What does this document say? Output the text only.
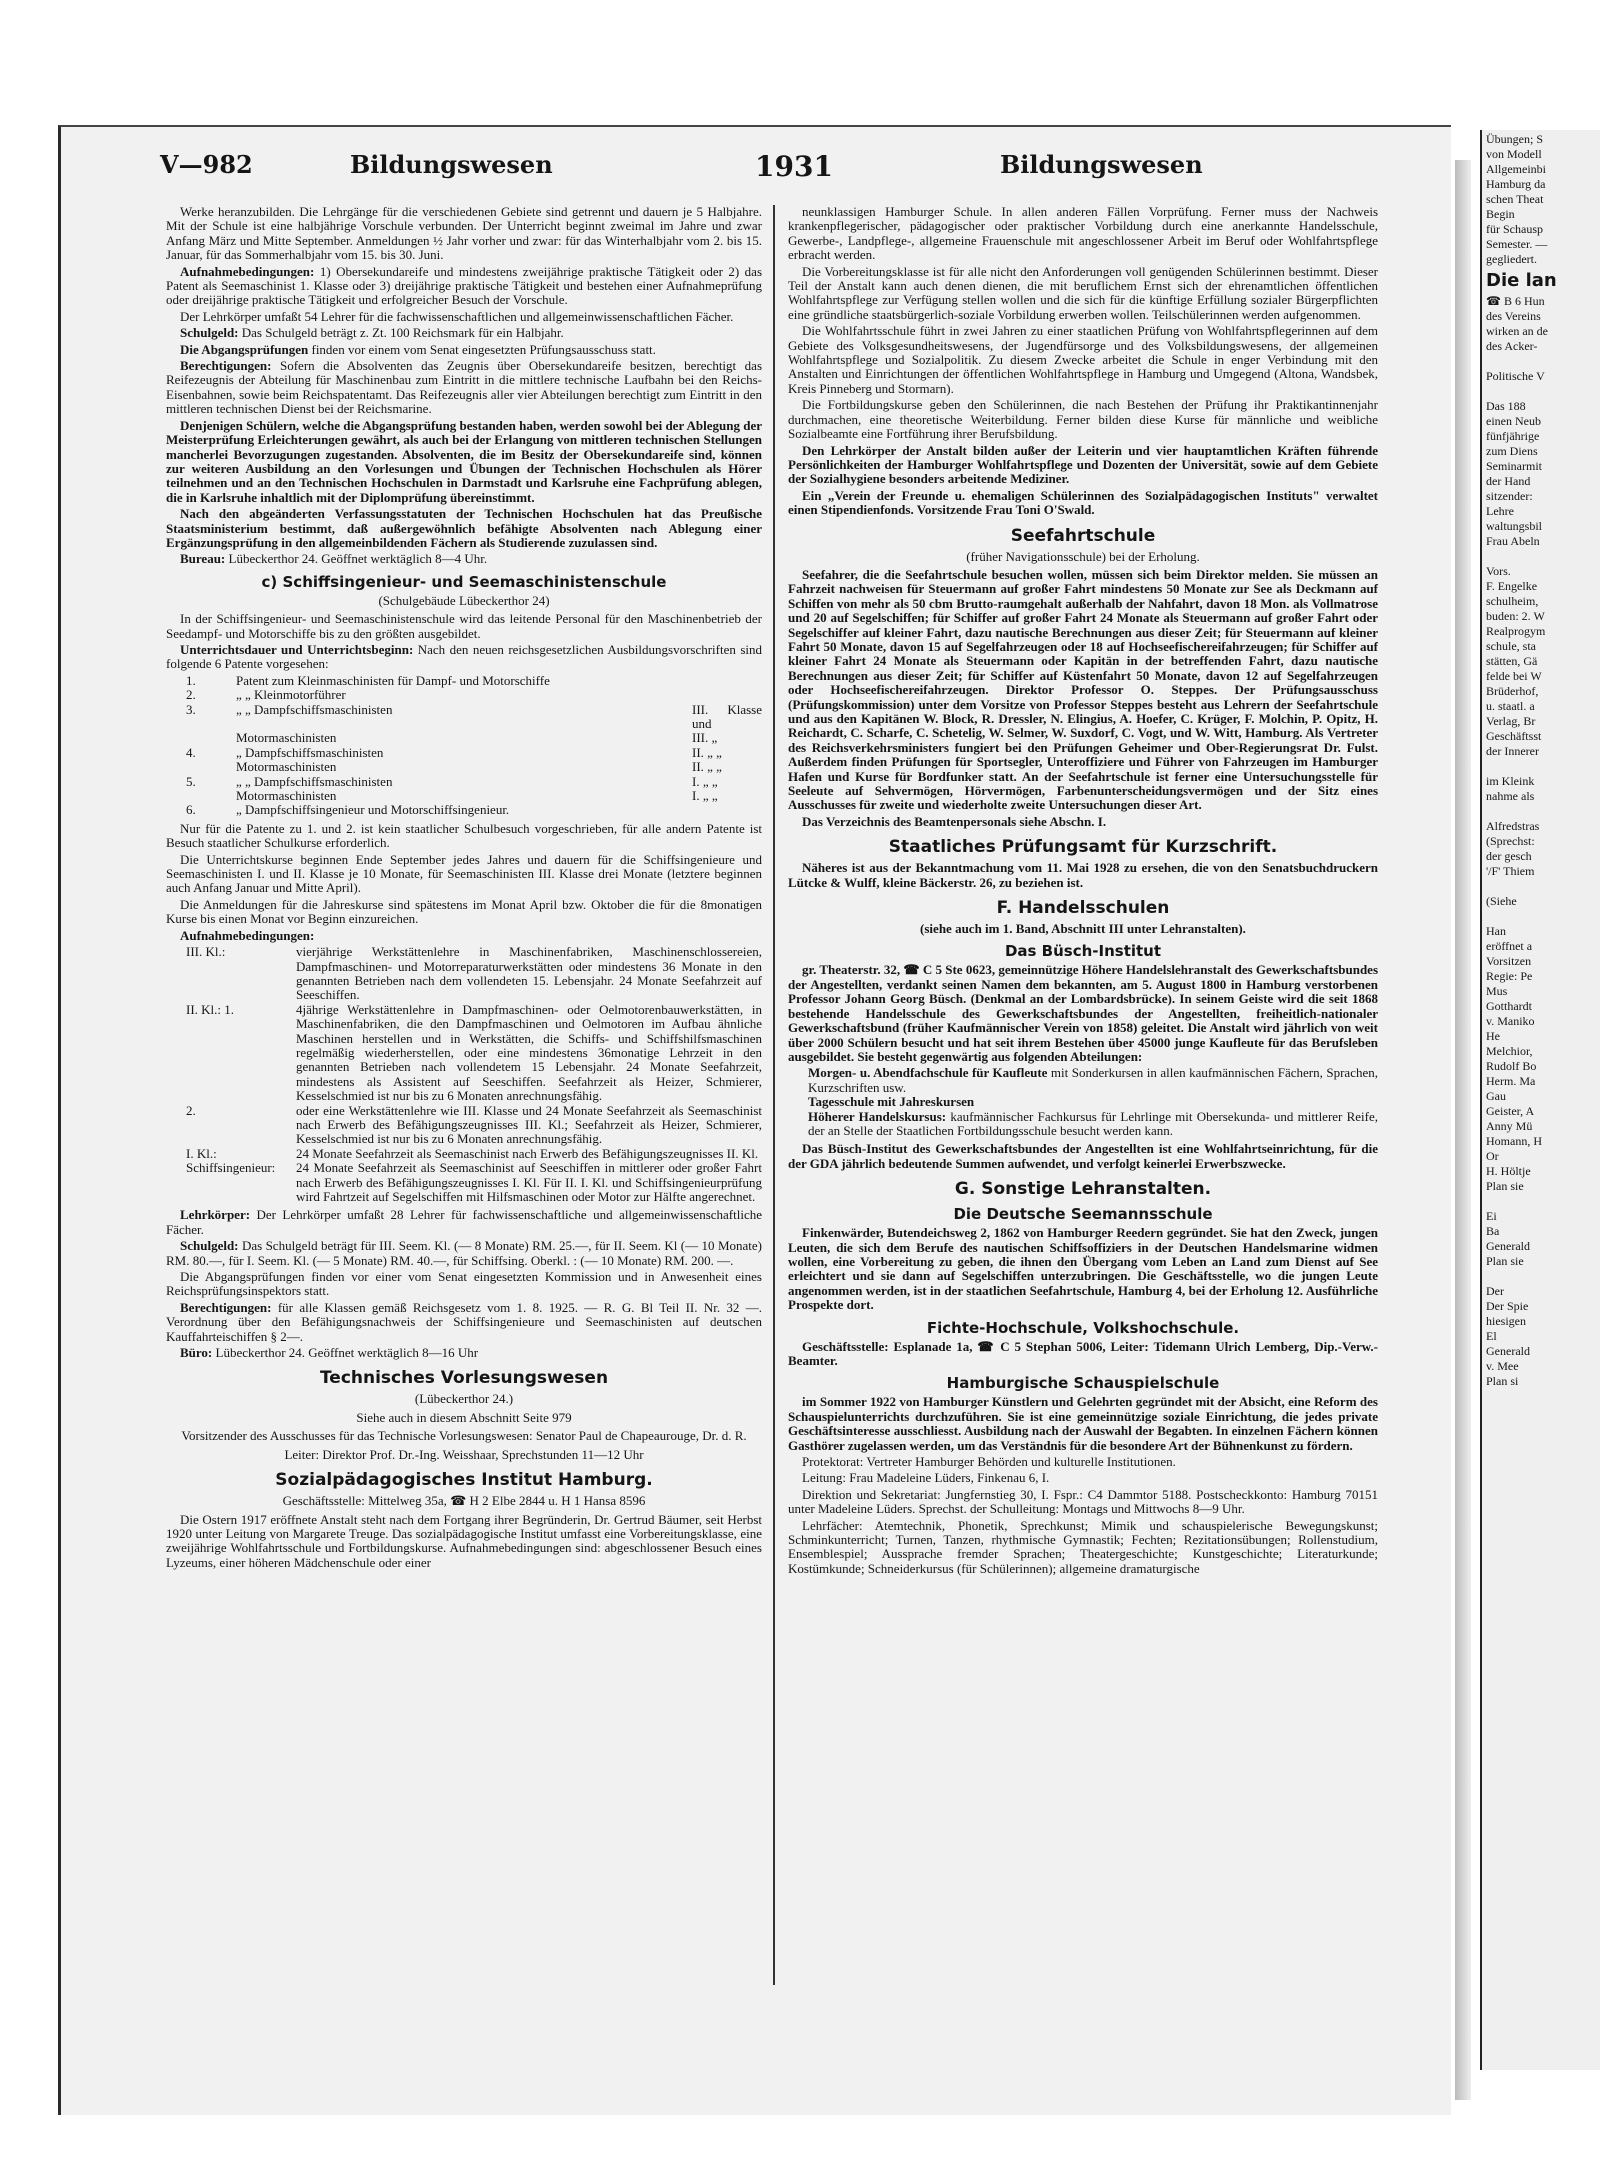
Übungen; S
von Modell
Allgemeinbi
Hamburg da
schen Theat
Begin
für Schausp
Semester. —
gegliedert.
Die lan
☎ B 6 Hun
des Vereins
wirken an de
des Acker-

Politische V

Das 188
einen Neub
fünfjährige
zum Diens
Seminarmit
der Hand
sitzender:
Lehre
waltungsbil
Frau Abeln

Vors.
F. Engelke
schulheim,
buden: 2. W
Realprogym
schule, sta
stätten, Gä
felde bei W
Brüderhof,
u. staatl. a
Verlag, Br
Geschäftsst
der Innerer

im Kleink
nahme als

Alfredstras
(Sprechst:
der gesch
'/F' Thiem

(Siehe

Han
eröffnet a
Vorsitzen
Regie: Pe
Mus
Gotthardt
v. Maniko
He
Melchior,
Rudolf Bo
Herm. Ma
Gau
Geister, A
Anny Mü
Homann, H
Or
H. Höltje
Plan sie

Ei
Ba
Generald
Plan sie

Der
Der Spie
hiesigen
El
Generald
v. Mee
Plan si
V—982	Bildungswesen	1931	Bildungswesen

Werke heranzubilden. Die Lehrgänge für die verschiedenen Gebiete sind getrennt und dauern je 5 Halbjahre. Mit der Schule ist eine halbjährige Vorschule verbunden. Der Unterricht beginnt zweimal im Jahre und zwar Anfang März und Mitte September. Anmeldungen ½ Jahr vorher und zwar: für das Winterhalbjahr vom 2. bis 15. Januar, für das Sommerhalbjahr vom 15. bis 30. Juni.

Aufnahmebedingungen: 1) Obersekundareife und mindestens zweijährige praktische Tätigkeit oder 2) das Patent als Seemaschinist 1. Klasse oder 3) dreijährige praktische Tätigkeit und bestehen einer Aufnahmeprüfung oder dreijährige praktische Tätigkeit und erfolgreicher Besuch der Vorschule.

Der Lehrkörper umfaßt 54 Lehrer für die fachwissenschaftlichen und allgemeinwissenschaftlichen Fächer.

Schulgeld: Das Schulgeld beträgt z. Zt. 100 Reichsmark für ein Halbjahr.

Die Abgangsprüfungen finden vor einem vom Senat eingesetzten Prüfungsausschuss statt.

Berechtigungen: Sofern die Absolventen das Zeugnis über Obersekundareife besitzen, berechtigt das Reifezeugnis der Abteilung für Maschinenbau zum Eintritt in die mittlere technische Laufbahn bei den Reichs-Eisenbahnen, sowie beim Reichspatentamt. Das Reifezeugnis aller vier Abteilungen berechtigt zum Eintritt in den mittleren technischen Dienst bei der Reichsmarine.

Denjenigen Schülern, welche die Abgangsprüfung bestanden haben, werden sowohl bei der Ablegung der Meisterprüfung Erleichterungen gewährt, als auch bei der Erlangung von mittleren technischen Stellungen mancherlei Bevorzugungen zugestanden. Absolventen, die im Besitz der Obersekundareife sind, können zur weiteren Ausbildung an den Vorlesungen und Übungen der Technischen Hochschulen als Hörer teilnehmen und an den Technischen Hochschulen in Darmstadt und Karlsruhe eine Fachprüfung ablegen, die in Karlsruhe inhaltlich mit der Diplomprüfung übereinstimmt.

Nach den abgeänderten Verfassungsstatuten der Technischen Hochschulen hat das Preußische Staatsministerium bestimmt, daß außergewöhnlich befähigte Absolventen nach Ablegung einer Ergänzungsprüfung in den allgemeinbildenden Fächern als Studierende zuzulassen sind.

Bureau: Lübeckerthor 24. Geöffnet werktäglich 8—4 Uhr.

c) Schiffsingenieur- und Seemaschinistenschule

(Schulgebäude Lübeckerthor 24)

In der Schiffsingenieur- und Seemaschinistenschule wird das leitende Personal für den Maschinenbetrieb der Seedampf- und Motorschiffe bis zu den größten ausgebildet.

Unterrichtsdauer und Unterrichtsbeginn: Nach den neuen reichsgesetzlichen Ausbildungsvorschriften sind folgende 6 Patente vorgesehen:

1.	Patent zum Kleinmaschinisten für Dampf- und Motorschiffe
2.	„ „ Kleinmotorführer
3.	„ „ Dampfschiffsmaschinisten	III. Klasse und
Motormaschinisten	III. „
4.	„ Dampfschiffsmaschinisten	II. „ „
Motormaschinisten	II. „ „
5.	„ „ Dampfschiffsmaschinisten	I. „ „
Motormaschinisten	I. „ „
6.	„ Dampfschiffsingenieur und Motorschiffsingenieur.

Nur für die Patente zu 1. und 2. ist kein staatlicher Schulbesuch vorgeschrieben, für alle andern Patente ist Besuch staatlicher Schulkurse erforderlich.

Die Unterrichtskurse beginnen Ende September jedes Jahres und dauern für die Schiffsingenieure und Seemaschinisten I. und II. Klasse je 10 Monate, für Seemaschinisten III. Klasse drei Monate (letztere beginnen auch Anfang Januar und Mitte April).

Die Anmeldungen für die Jahreskurse sind spätestens im Monat April bzw. Oktober die für die 8monatigen Kurse bis einen Monat vor Beginn einzureichen.

Aufnahmebedingungen:

III. Kl.:	vierjährige Werkstättenlehre in Maschinenfabriken, Maschinenschlossereien, Dampfmaschinen- und Motorreparaturwerkstätten oder mindestens 36 Monate in den genannten Betrieben nach dem vollendeten 15. Lebensjahr. 24 Monate Seefahrzeit auf Seeschiffen.
II. Kl.: 1.	4jährige Werkstättenlehre in Dampfmaschinen- oder Oelmotorenbauwerkstätten, in Maschinenfabriken, die den Dampfmaschinen und Oelmotoren im Aufbau ähnliche Maschinen herstellen und in Werkstätten, die Schiffs- und Schiffshilfsmaschinen regelmäßig wiederherstellen, oder eine mindestens 36monatige Lehrzeit in den genannten Betrieben nach vollendetem 15 Lebensjahr. 24 Monate Seefahrzeit, mindestens als Assistent auf Seeschiffen. Seefahrzeit als Heizer, Schmierer, Kesselschmied ist nur bis zu 6 Monaten anrechnungsfähig.
2.	oder eine Werkstättenlehre wie III. Klasse und 24 Monate Seefahrzeit als Seemaschinist nach Erwerb des Befähigungszeugnisses III. Kl.; Seefahrzeit als Heizer, Schmierer, Kesselschmied ist nur bis zu 6 Monaten anrechnungsfähig.
I. Kl.:	24 Monate Seefahrzeit als Seemaschinist nach Erwerb des Befähigungszeugnisses II. Kl.
Schiffsingenieur:	24 Monate Seefahrzeit als Seemaschinist auf Seeschiffen in mittlerer oder großer Fahrt nach Erwerb des Befähigungszeugnisses I. Kl. Für II. I. Kl. und Schiffsingenieurprüfung wird Fahrtzeit auf Segelschiffen mit Hilfsmaschinen oder Motor zur Hälfte angerechnet.

Lehrkörper: Der Lehrkörper umfaßt 28 Lehrer für fachwissenschaftliche und allgemeinwissenschaftliche Fächer.

Schulgeld: Das Schulgeld beträgt für III. Seem. Kl. (— 8 Monate) RM. 25.—, für II. Seem. Kl (— 10 Monate) RM. 80.—, für I. Seem. Kl. (— 5 Monate) RM. 40.—, für Schiffsing. Oberkl. : (— 10 Monate) RM. 200. —.

Die Abgangsprüfungen finden vor einer vom Senat eingesetzten Kommission und in Anwesenheit eines Reichsprüfungsinspektors statt.

Berechtigungen: für alle Klassen gemäß Reichsgesetz vom 1. 8. 1925. — R. G. Bl Teil II. Nr. 32 —. Verordnung über den Befähigungsnachweis der Schiffsingenieure und Seemaschinisten auf deutschen Kauffahrteischiffen § 2—.

Büro: Lübeckerthor 24. Geöffnet werktäglich 8—16 Uhr

Technisches Vorlesungswesen

(Lübeckerthor 24.)

Siehe auch in diesem Abschnitt Seite 979

Vorsitzender des Ausschusses für das Technische Vorlesungswesen: Senator Paul de Chapeaurouge, Dr. d. R.

Leiter: Direktor Prof. Dr.-Ing. Weisshaar, Sprechstunden 11—12 Uhr

Sozialpädagogisches Institut Hamburg.

Geschäftsstelle: Mittelweg 35a, ☎ H 2 Elbe 2844 u. H 1 Hansa 8596

Die Ostern 1917 eröffnete Anstalt steht nach dem Fortgang ihrer Begründerin, Dr. Gertrud Bäumer, seit Herbst 1920 unter Leitung von Margarete Treuge. Das sozialpädagogische Institut umfasst eine Vorbereitungsklasse, eine zweijährige Wohlfahrtsschule und Fortbildungskurse. Aufnahmebedingungen sind: abgeschlossener Besuch eines Lyzeums, einer höheren Mädchenschule oder einer

neunklassigen Hamburger Schule. In allen anderen Fällen Vorprüfung. Ferner muss der Nachweis krankenpflegerischer, pädagogischer oder praktischer Vorbildung durch eine anerkannte Handelsschule, Gewerbe-, Landpflege-, allgemeine Frauenschule mit angeschlossener Arbeit im Beruf oder Wohlfahrtspflege erbracht werden.

Die Vorbereitungsklasse ist für alle nicht den Anforderungen voll genügenden Schülerinnen bestimmt. Dieser Teil der Anstalt kann auch denen dienen, die mit beruflichem Ernst sich der ehrenamtlichen öffentlichen Wohlfahrtspflege zur Verfügung stellen wollen und die sich für die künftige Erfüllung sozialer Bürgerpflichten eine gründliche staatsbürgerlich-soziale Vorbildung erwerben wollen. Teilschülerinnen werden aufgenommen.

Die Wohlfahrtsschule führt in zwei Jahren zu einer staatlichen Prüfung von Wohlfahrtspflegerinnen auf dem Gebiete des Volksgesundheitswesens, der Jugendfürsorge und des Volksbildungswesens, der allgemeinen Wohlfahrtspflege und Sozialpolitik. Zu diesem Zwecke arbeitet die Schule in enger Verbindung mit den Anstalten und Einrichtungen der öffentlichen Wohlfahrtspflege in Hamburg und Umgegend (Altona, Wandsbek, Kreis Pinneberg und Stormarn).

Die Fortbildungskurse geben den Schülerinnen, die nach Bestehen der Prüfung ihr Praktikantinnenjahr durchmachen, eine theoretische Weiterbildung. Ferner bilden diese Kurse für männliche und weibliche Sozialbeamte eine Fortführung ihrer Berufsbildung.

Den Lehrkörper der Anstalt bilden außer der Leiterin und vier hauptamtlichen Kräften führende Persönlichkeiten der Hamburger Wohlfahrtspflege und Dozenten der Universität, sowie auf dem Gebiete der Sozialhygiene besonders arbeitende Mediziner.

Ein „Verein der Freunde u. ehemaligen Schülerinnen des Sozialpädagogischen Instituts" verwaltet einen Stipendienfonds. Vorsitzende Frau Toni O'Swald.

Seefahrtschule

(früher Navigationsschule) bei der Erholung.

Seefahrer, die die Seefahrtschule besuchen wollen, müssen sich beim Direktor melden. Sie müssen an Fahrzeit nachweisen für Steuermann auf großer Fahrt mindestens 50 Monate zur See als Deckmann auf Schiffen von mehr als 50 cbm Brutto-raumgehalt außerhalb der Nahfahrt, davon 18 Mon. als Vollmatrose und 20 auf Segelschiffen; für Schiffer auf großer Fahrt 24 Monate als Steuermann auf großer Fahrt oder Segelschiffer auf kleiner Fahrt, dazu nautische Berechnungen aus dieser Zeit; für Steuermann auf kleiner Fahrt 50 Monate, davon 15 auf Segelfahrzeugen oder 18 auf Hochseefischereifahrzeugen; für Schiffer auf kleiner Fahrt 24 Monate als Steuermann oder Kapitän in der betreffenden Fahrt, dazu nautische Berechnungen aus dieser Zeit; für Schiffer auf Küstenfahrt 50 Monate, davon 12 auf Segelfahrzeugen oder Hochseefischereifahrzeugen. Direktor Professor O. Steppes. Der Prüfungsausschuss (Prüfungskommission) unter dem Vorsitze von Professor Steppes besteht aus Lehrern der Seefahrtschule und aus den Kapitänen W. Block, R. Dressler, N. Elingius, A. Hoefer, C. Krüger, F. Molchin, P. Opitz, H. Reichardt, C. Scharfe, C. Schetelig, W. Selmer, W. Suxdorf, C. Vogt, und W. Witt, Hamburg. Als Vertreter des Reichsverkehrsministers fungiert bei den Prüfungen Geheimer und Ober-Regierungsrat Dr. Fulst. Außerdem finden Prüfungen für Sportsegler, Unteroffiziere und Führer von Fahrzeugen im Hamburger Hafen und Kurse für Bordfunker statt. An der Seefahrtschule ist ferner eine Untersuchungsstelle für Seeleute auf Sehvermögen, Hörvermögen, Farbenunterscheidungsvermögen und der Sitz eines Ausschusses für zweite und wiederholte zweite Untersuchungen dieser Art.

Das Verzeichnis des Beamtenpersonals siehe Abschn. I.

Staatliches Prüfungsamt für Kurzschrift.

Näheres ist aus der Bekanntmachung vom 11. Mai 1928 zu ersehen, die von den Senatsbuchdruckern Lütcke & Wulff, kleine Bäckerstr. 26, zu beziehen ist.

F. Handelsschulen

(siehe auch im 1. Band, Abschnitt III unter Lehranstalten).

Das Büsch-Institut

gr. Theaterstr. 32, ☎ C 5 Ste 0623, gemeinnützige Höhere Handelslehranstalt des Gewerkschaftsbundes der Angestellten, verdankt seinen Namen dem bekannten, am 5. August 1800 in Hamburg verstorbenen Professor Johann Georg Büsch. (Denkmal an der Lombardsbrücke). In seinem Geiste wird die seit 1868 bestehende Handelsschule des Gewerkschaftsbundes der Angestellten, freiheitlich-nationaler Gewerkschaftsbund (früher Kaufmännischer Verein von 1858) geleitet. Die Anstalt wird jährlich von weit über 2000 Schülern besucht und hat seit ihrem Bestehen über 45000 junge Kaufleute für das Berufsleben ausgebildet. Sie besteht gegenwärtig aus folgenden Abteilungen:

Morgen- u. Abendfachschule für Kaufleute mit Sonderkursen in allen kaufmännischen Fächern, Sprachen, Kurzschriften usw.
Tagesschule mit Jahreskursen
Höherer Handelskursus: kaufmännischer Fachkursus für Lehrlinge mit Obersekunda- und mittlerer Reife, der an Stelle der Staatlichen Fortbildungsschule besucht werden kann.

Das Büsch-Institut des Gewerkschaftsbundes der Angestellten ist eine Wohlfahrtseinrichtung, für die der GDA jährlich bedeutende Summen aufwendet, und verfolgt keinerlei Erwerbszwecke.

G. Sonstige Lehranstalten.
Die Deutsche Seemannsschule

Finkenwärder, Butendeichsweg 2, 1862 von Hamburger Reedern gegründet. Sie hat den Zweck, jungen Leuten, die sich dem Berufe des nautischen Schiffsoffiziers in der Deutschen Handelsmarine widmen wollen, eine Vorbereitung zu geben, die ihnen den Übergang vom Leben an Land zum Dienst auf See erleichtert und sie dann auf Segelschiffen unterzubringen. Die Geschäftsstelle, wo die jungen Leute angenommen werden, ist in der staatlichen Seefahrtschule, Hamburg 4, bei der Erholung 12. Ausführliche Prospekte dort.

Fichte-Hochschule, Volkshochschule.

Geschäftsstelle: Esplanade 1a, ☎ C 5 Stephan 5006, Leiter: Tidemann Ulrich Lemberg, Dip.-Verw.-Beamter.

Hamburgische Schauspielschule

im Sommer 1922 von Hamburger Künstlern und Gelehrten gegründet mit der Absicht, eine Reform des Schauspielunterrichts durchzuführen. Sie ist eine gemeinnützige soziale Einrichtung, die jedes private Geschäftsinteresse ausschliesst. Ausbildung nach der Auswahl der Begabten. In einzelnen Fächern können Gasthörer zugelassen werden, um das Verständnis für die besondere Art der Bühnenkunst zu fördern.

Protektorat: Vertreter Hamburger Behörden und kulturelle Institutionen.

Leitung: Frau Madeleine Lüders, Finkenau 6, I.

Direktion und Sekretariat: Jungfernstieg 30, I. Fspr.: C4 Dammtor 5188. Postscheckkonto: Hamburg 70151 unter Madeleine Lüders. Sprechst. der Schulleitung: Montags und Mittwochs 8—9 Uhr.

Lehrfächer: Atemtechnik, Phonetik, Sprechkunst; Mimik und schauspielerische Bewegungskunst; Schminkunterricht; Turnen, Tanzen, rhythmische Gymnastik; Fechten; Rezitationsübungen; Rollenstudium, Ensemblespiel; Aussprache fremder Sprachen; Theatergeschichte; Kunstgeschichte; Literaturkunde; Kostümkunde; Schneiderkursus (für Schülerinnen); allgemeine dramaturgische
